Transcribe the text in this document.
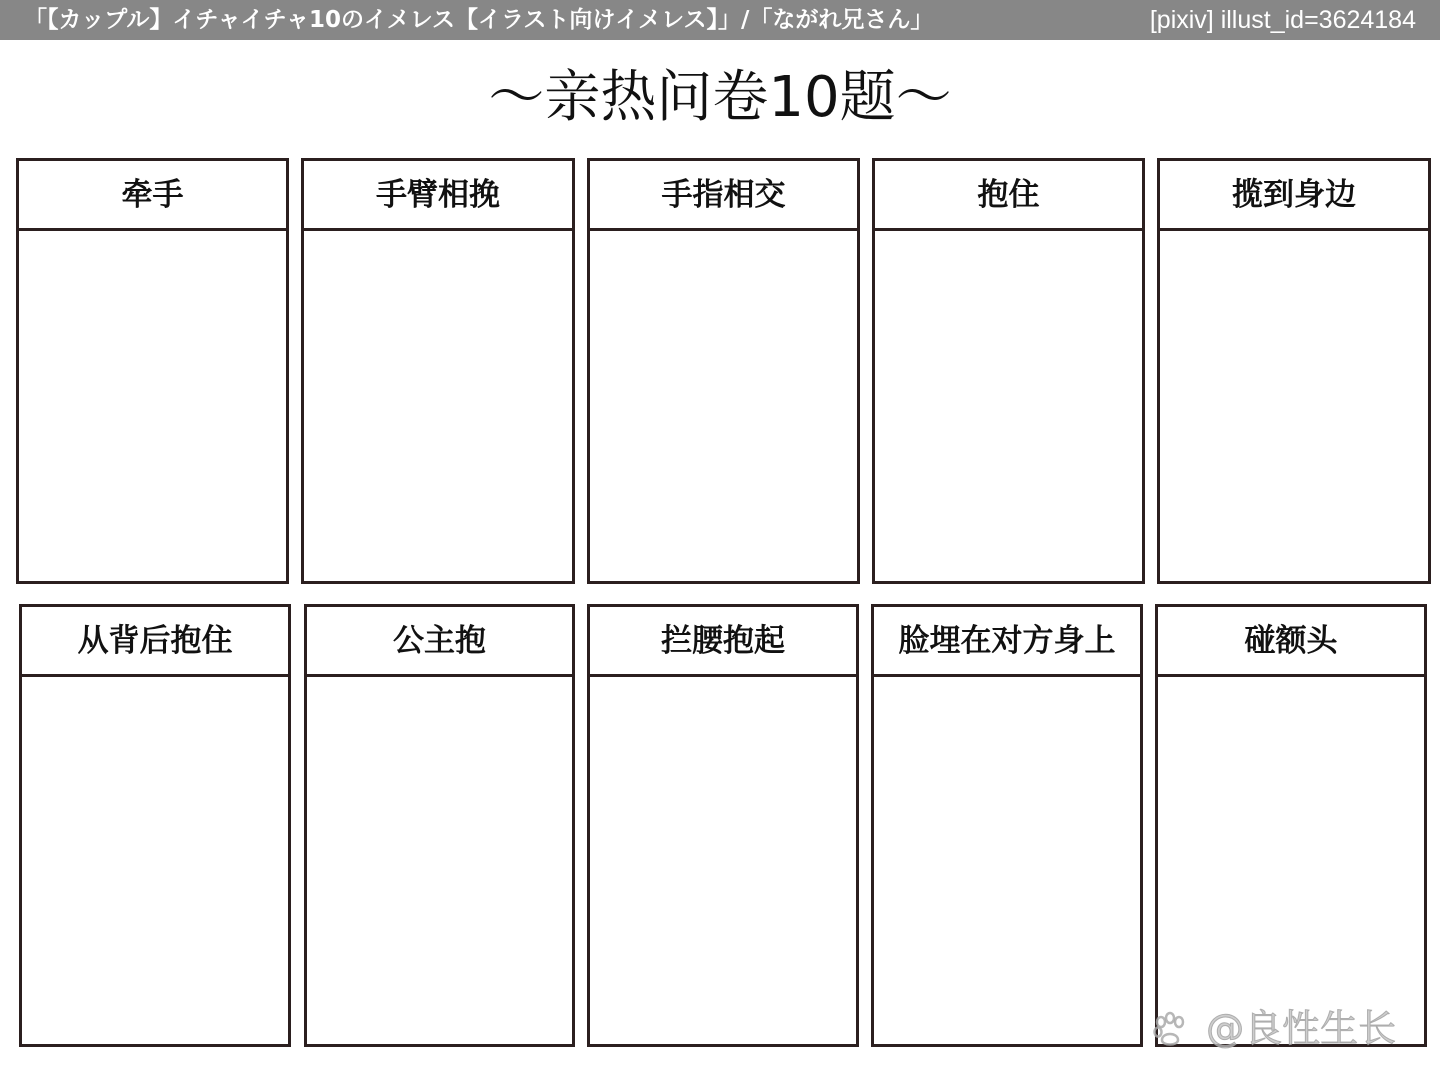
「【カップル】イチャイチャ10のイメレス【イラスト向けイメレス】」/「ながれ兄さん」	[pixiv] illust_id=3624184
～亲热问卷10题～
牵手	手臂相挽	手指相交	抱住	揽到身边
从背后抱住	公主抱	拦腰抱起	脸埋在对方身上	碰额头
@良性生长
